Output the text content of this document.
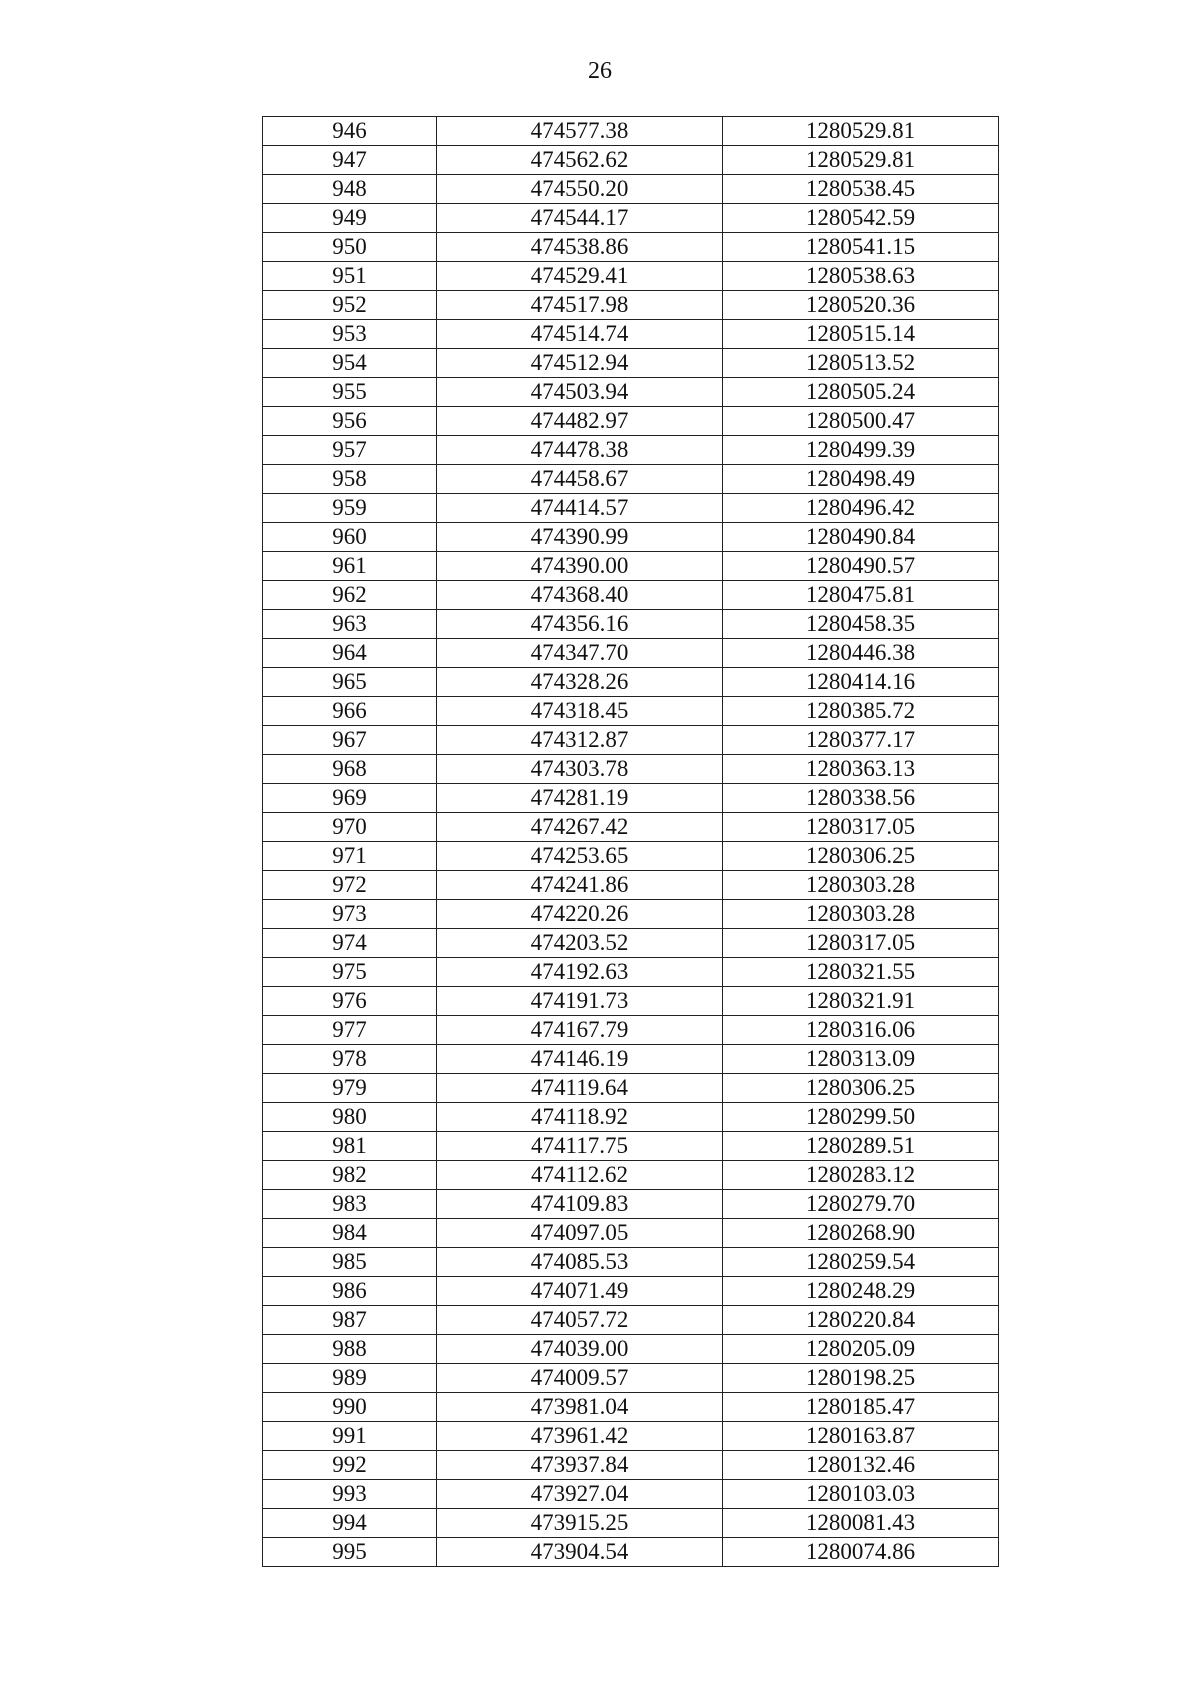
26
946	474577.38	1280529.81
947	474562.62	1280529.81
948	474550.20	1280538.45
949	474544.17	1280542.59
950	474538.86	1280541.15
951	474529.41	1280538.63
952	474517.98	1280520.36
953	474514.74	1280515.14
954	474512.94	1280513.52
955	474503.94	1280505.24
956	474482.97	1280500.47
957	474478.38	1280499.39
958	474458.67	1280498.49
959	474414.57	1280496.42
960	474390.99	1280490.84
961	474390.00	1280490.57
962	474368.40	1280475.81
963	474356.16	1280458.35
964	474347.70	1280446.38
965	474328.26	1280414.16
966	474318.45	1280385.72
967	474312.87	1280377.17
968	474303.78	1280363.13
969	474281.19	1280338.56
970	474267.42	1280317.05
971	474253.65	1280306.25
972	474241.86	1280303.28
973	474220.26	1280303.28
974	474203.52	1280317.05
975	474192.63	1280321.55
976	474191.73	1280321.91
977	474167.79	1280316.06
978	474146.19	1280313.09
979	474119.64	1280306.25
980	474118.92	1280299.50
981	474117.75	1280289.51
982	474112.62	1280283.12
983	474109.83	1280279.70
984	474097.05	1280268.90
985	474085.53	1280259.54
986	474071.49	1280248.29
987	474057.72	1280220.84
988	474039.00	1280205.09
989	474009.57	1280198.25
990	473981.04	1280185.47
991	473961.42	1280163.87
992	473937.84	1280132.46
993	473927.04	1280103.03
994	473915.25	1280081.43
995	473904.54	1280074.86
